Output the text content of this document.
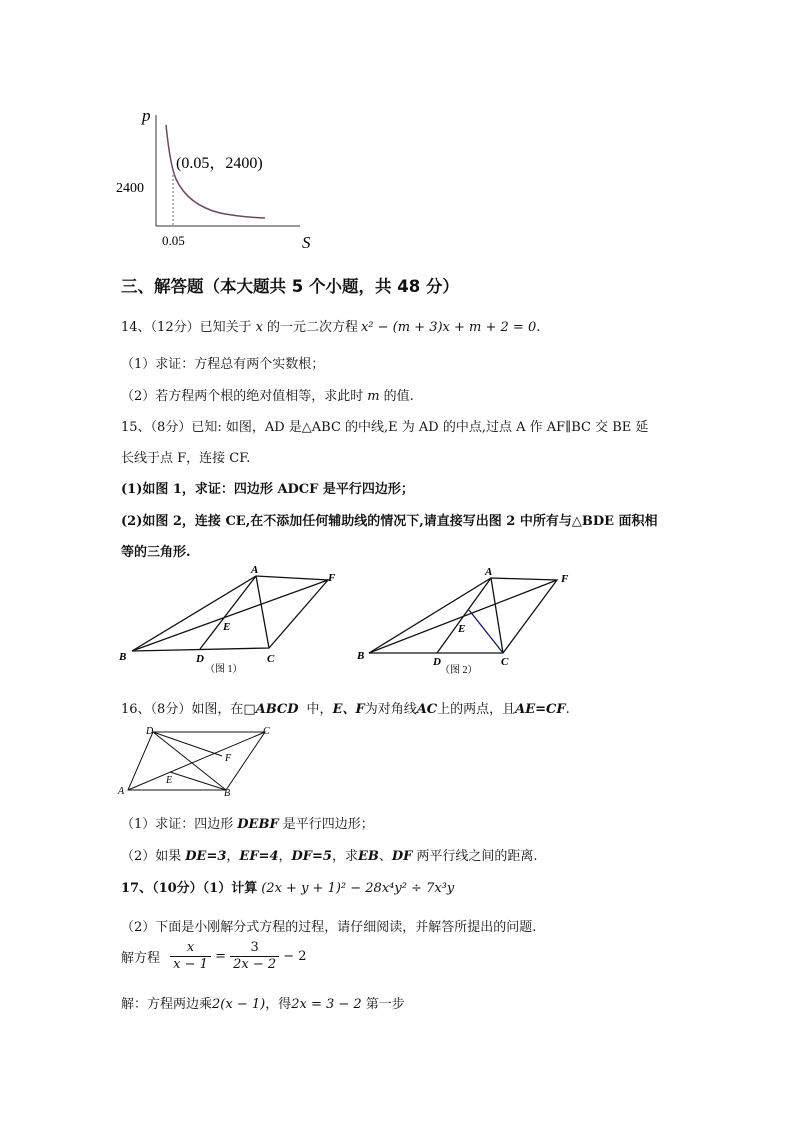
p
S
2400
0.05
(0.05，2400)
三、解答题（本大题共 5 个小题，共 48 分）
14、（12分）已知关于 x 的一元二次方程 x² − (m + 3)x + m + 2 = 0.
（1）求证：方程总有两个实数根；
（2）若方程两个根的绝对值相等，求此时 m 的值.
15、（8分）已知: 如图，AD 是△ABC 的中线,E 为 AD 的中点,过点 A 作 AF∥BC 交 BE 延
长线于点 F，连接 CF.
(1)如图 1，求证：四边形 ADCF 是平行四边形；
(2)如图 2，连接 CE,在不添加任何辅助线的情况下,请直接写出图 2 中所有与△BDE 面积相
等的三角形.
A
F
E
B	D	C
（图 1）
A
F
E
B	D	C
（图 2）
16、（8分）如图，在□ABCD 中，E、F为对角线AC上的两点，且AE=CF.
D	C
F
E
A	B
（1）求证：四边形 DEBF 是平行四边形；
（2）如果 DE=3，EF=4，DF=5，求EB、DF 两平行线之间的距离.
17、（10分）（1）计算 (2x + y + 1)² − 28x⁴y² ÷ 7x³y
（2）下面是小刚解分式方程的过程，请仔细阅读，并解答所提出的问题.
解方程 $\frac{x}{x - 1} = \frac{3}{2x - 2} - 2$
解：方程两边乘2(x − 1)，得2x = 3 − 2 第一步
